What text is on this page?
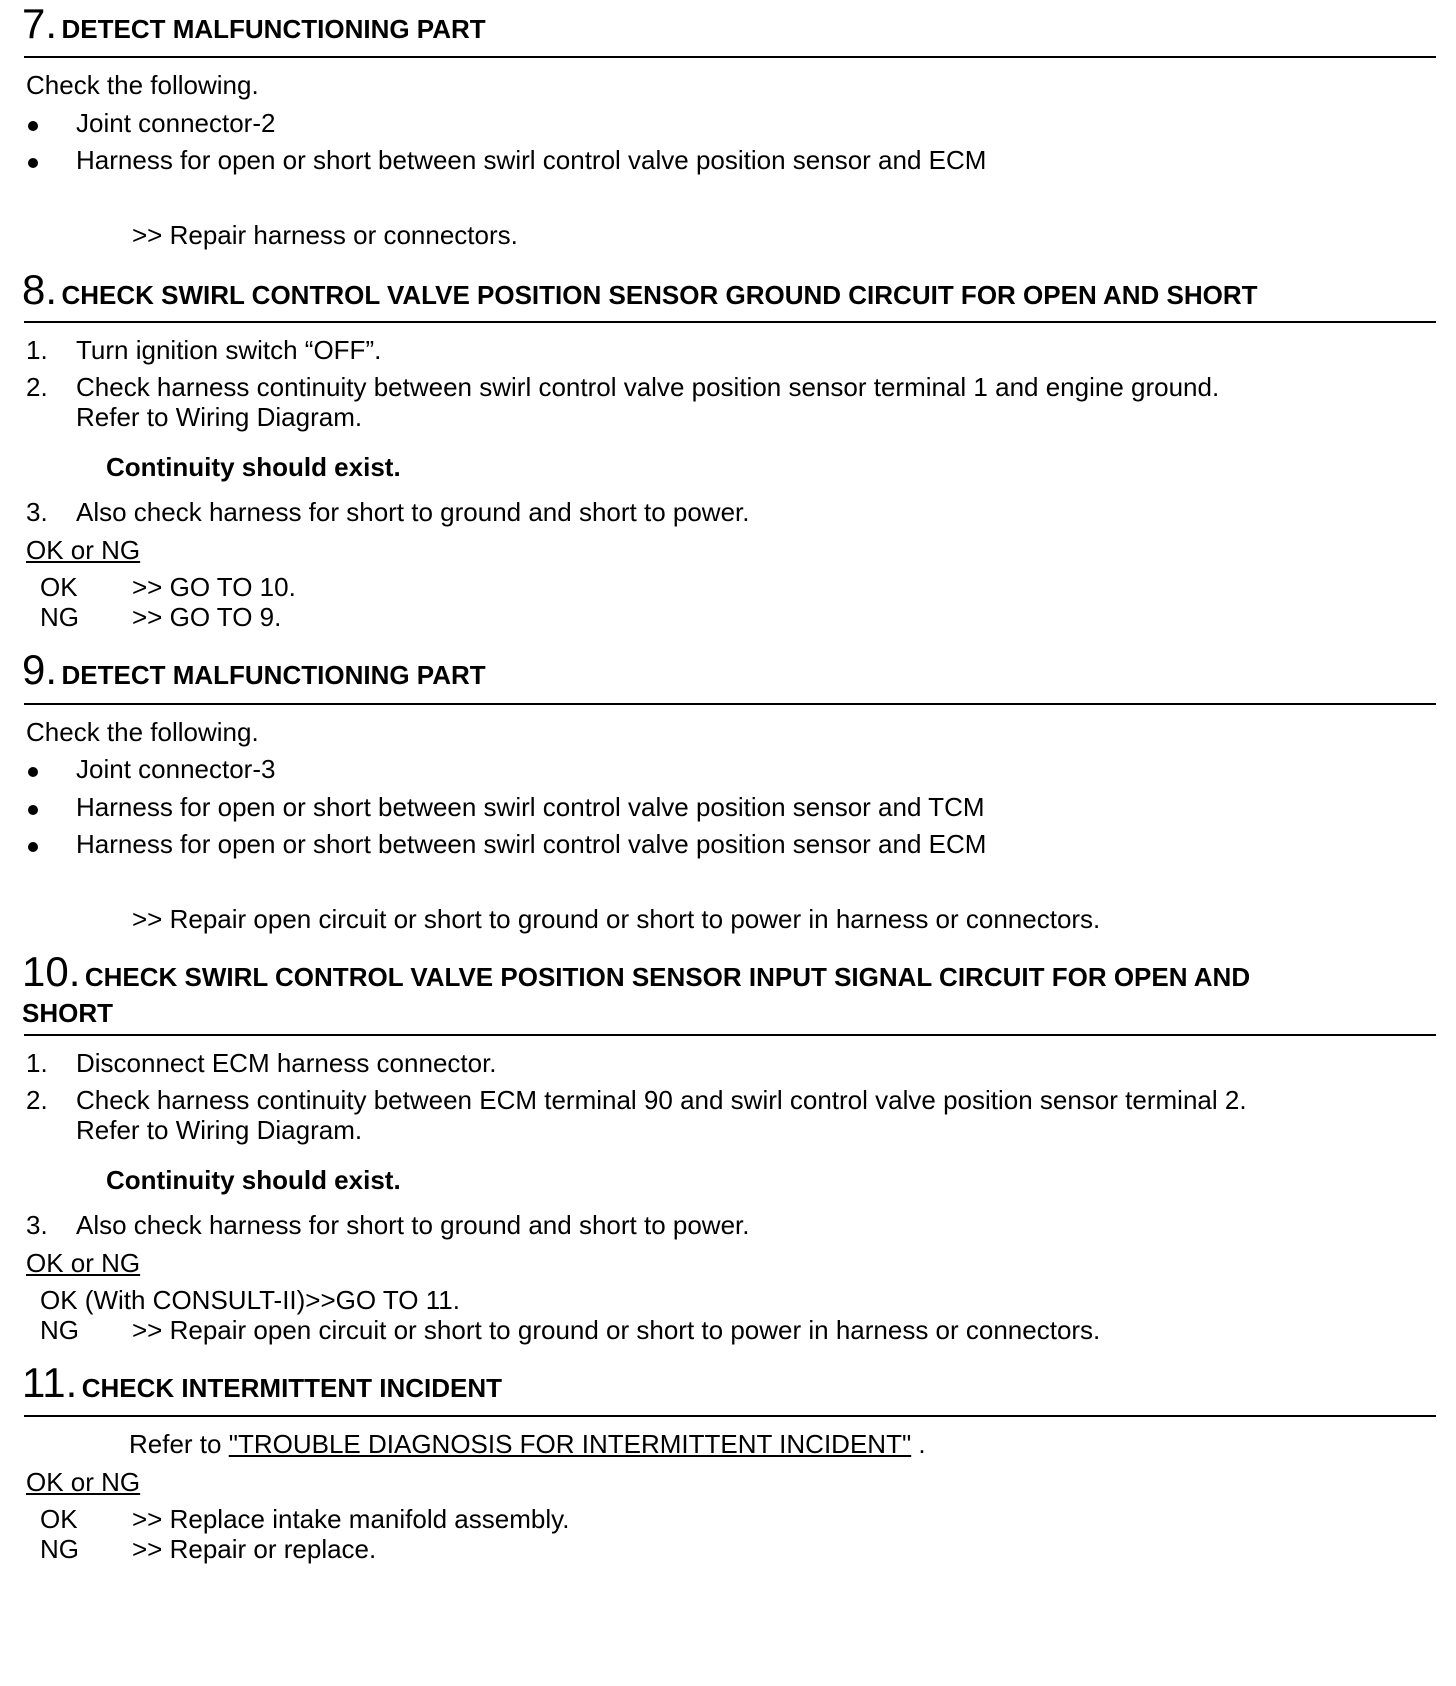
7. DETECT MALFUNCTIONING PART
Check the following.
Joint connector-2
Harness for open or short between swirl control valve position sensor and ECM
>> Repair harness or connectors.
8. CHECK SWIRL CONTROL VALVE POSITION SENSOR GROUND CIRCUIT FOR OPEN AND SHORT
1. Turn ignition switch “OFF”.
2. Check harness continuity between swirl control valve position sensor terminal 1 and engine ground.
Refer to Wiring Diagram.
Continuity should exist.
3. Also check harness for short to ground and short to power.
OK or NG
OK >> GO TO 10.
NG >> GO TO 9.
9. DETECT MALFUNCTIONING PART
Check the following.
Joint connector-3
Harness for open or short between swirl control valve position sensor and TCM
Harness for open or short between swirl control valve position sensor and ECM
>> Repair open circuit or short to ground or short to power in harness or connectors.
10. CHECK SWIRL CONTROL VALVE POSITION SENSOR INPUT SIGNAL CIRCUIT FOR OPEN AND
SHORT
1. Disconnect ECM harness connector.
2. Check harness continuity between ECM terminal 90 and swirl control valve position sensor terminal 2.
Refer to Wiring Diagram.
Continuity should exist.
3. Also check harness for short to ground and short to power.
OK or NG
OK (With CONSULT-II)>>GO TO 11.
NG >> Repair open circuit or short to ground or short to power in harness or connectors.
11. CHECK INTERMITTENT INCIDENT
Refer to "TROUBLE DIAGNOSIS FOR INTERMITTENT INCIDENT" .
OK or NG
OK >> Replace intake manifold assembly.
NG >> Repair or replace.
